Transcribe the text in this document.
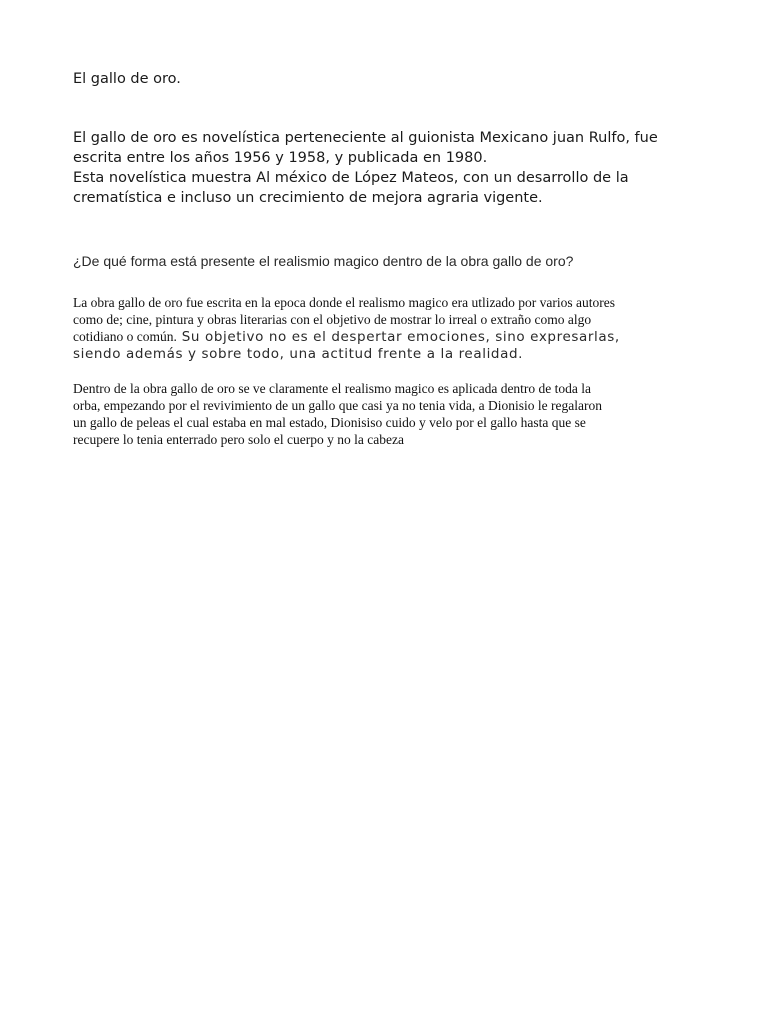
El gallo de oro.

El gallo de oro es novelística perteneciente al guionista Mexicano juan Rulfo, fue
escrita entre los años 1956 y 1958, y publicada en 1980.
Esta novelística muestra Al méxico de López Mateos, con un desarrollo de la
crematística e incluso un crecimiento de mejora agraria vigente.

¿De qué forma está presente el realismio magico dentro de la obra gallo de oro?

La obra gallo de oro fue escrita en la epoca donde el realismo magico era utlizado por varios autores
como de; cine, pintura y obras literarias con el objetivo de mostrar lo irreal o extraño como algo
cotidiano o común. Su objetivo no es el despertar emociones, sino expresarlas,
siendo además y sobre todo, una actitud frente a la realidad.

Dentro de la obra gallo de oro se ve claramente el realismo magico es aplicada dentro de toda la
orba, empezando por el revivimiento de un gallo que casi ya no tenia vida, a Dionisio le regalaron
un gallo de peleas el cual estaba en mal estado, Dionisiso cuido y velo por el gallo hasta que se
recupere lo tenia enterrado pero solo el cuerpo y no la cabeza
